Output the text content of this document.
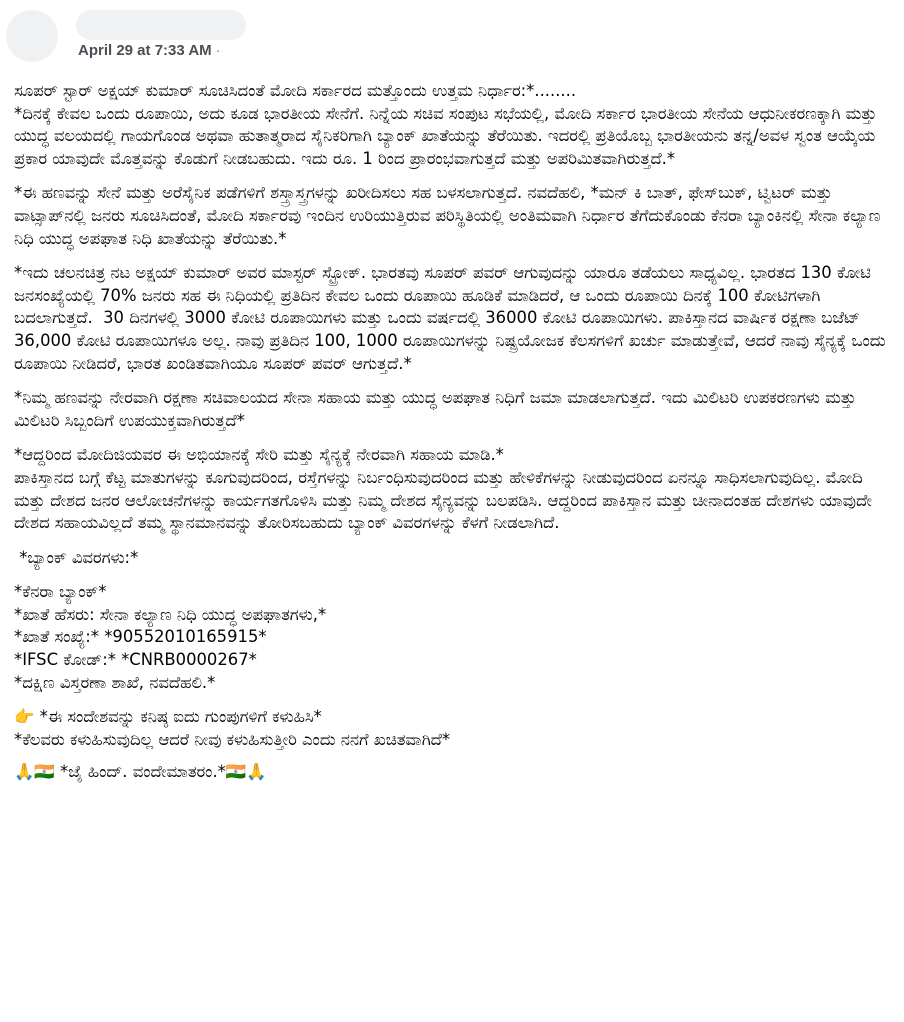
April 29 at 7:33 AM ·

ಸೂಪರ್ ಸ್ಟಾರ್ ಅಕ್ಷಯ್ ಕುಮಾರ್ ಸೂಚಿಸಿದಂತೆ ಮೋದಿ ಸರ್ಕಾರದ ಮತ್ತೊಂದು ಉತ್ತಮ ನಿರ್ಧಾರ:*........
*ದಿನಕ್ಕೆ ಕೇವಲ ಒಂದು ರೂಪಾಯಿ, ಅದು ಕೂಡ ಭಾರತೀಯ ಸೇನೆಗೆ. ನಿನ್ನೆಯ ಸಚಿವ ಸಂಪುಟ ಸಭೆಯಲ್ಲಿ, ಮೋದಿ ಸರ್ಕಾರ ಭಾರತೀಯ ಸೇನೆಯ ಆಧುನೀಕರಣಕ್ಕಾಗಿ ಮತ್ತು ಯುದ್ಧ ವಲಯದಲ್ಲಿ ಗಾಯಗೊಂಡ ಅಥವಾ ಹುತಾತ್ಮರಾದ ಸೈನಿಕರಿಗಾಗಿ ಬ್ಯಾಂಕ್ ಖಾತೆಯನ್ನು ತೆರೆಯಿತು. ಇದರಲ್ಲಿ ಪ್ರತಿಯೊಬ್ಬ ಭಾರತೀಯನು ತನ್ನ/ಅವಳ ಸ್ವಂತ ಆಯ್ಕೆಯ ಪ್ರಕಾರ ಯಾವುದೇ ಮೊತ್ತವನ್ನು ಕೊಡುಗೆ ನೀಡಬಹುದು. ಇದು ರೂ. 1 ರಿಂದ ಪ್ರಾರಂಭವಾಗುತ್ತದೆ ಮತ್ತು ಅಪರಿಮಿತವಾಗಿರುತ್ತದೆ.*

*ಈ ಹಣವನ್ನು ಸೇನೆ ಮತ್ತು ಅರೆಸೈನಿಕ ಪಡೆಗಳಿಗೆ ಶಸ್ತ್ರಾಸ್ತ್ರಗಳನ್ನು ಖರೀದಿಸಲು ಸಹ ಬಳಸಲಾಗುತ್ತದೆ. ನವದೆಹಲಿ, *ಮನ್ ಕಿ ಬಾತ್, ಫೇಸ್‌ಬುಕ್, ಟ್ವಿಟರ್ ಮತ್ತು ವಾಟ್ಸಾಪ್‌ನಲ್ಲಿ ಜನರು ಸೂಚಿಸಿದಂತೆ, ಮೋದಿ ಸರ್ಕಾರವು ಇಂದಿನ ಉರಿಯುತ್ತಿರುವ ಪರಿಸ್ಥಿತಿಯಲ್ಲಿ ಅಂತಿಮವಾಗಿ ನಿರ್ಧಾರ ತೆಗೆದುಕೊಂಡು ಕೆನರಾ ಬ್ಯಾಂಕಿನಲ್ಲಿ ಸೇನಾ ಕಲ್ಯಾಣ ನಿಧಿ ಯುದ್ಧ ಅಪಘಾತ ನಿಧಿ ಖಾತೆಯನ್ನು ತೆರೆಯಿತು.*

*ಇದು ಚಲನಚಿತ್ರ ನಟ ಅಕ್ಷಯ್ ಕುಮಾರ್ ಅವರ ಮಾಸ್ಟರ್ ಸ್ಟ್ರೋಕ್. ಭಾರತವು ಸೂಪರ್ ಪವರ್ ಆಗುವುದನ್ನು ಯಾರೂ ತಡೆಯಲು ಸಾಧ್ಯವಿಲ್ಲ. ಭಾರತದ 130 ಕೋಟಿ ಜನಸಂಖ್ಯೆಯಲ್ಲಿ 70% ಜನರು ಸಹ ಈ ನಿಧಿಯಲ್ಲಿ ಪ್ರತಿದಿನ ಕೇವಲ ಒಂದು ರೂಪಾಯಿ ಹೂಡಿಕೆ ಮಾಡಿದರೆ, ಆ ಒಂದು ರೂಪಾಯಿ ದಿನಕ್ಕೆ 100 ಕೋಟಿಗಳಾಗಿ ಬದಲಾಗುತ್ತದೆ.  30 ದಿನಗಳಲ್ಲಿ 3000 ಕೋಟಿ ರೂಪಾಯಿಗಳು ಮತ್ತು ಒಂದು ವರ್ಷದಲ್ಲಿ 36000 ಕೋಟಿ ರೂಪಾಯಿಗಳು. ಪಾಕಿಸ್ತಾನದ ವಾರ್ಷಿಕ ರಕ್ಷಣಾ ಬಜೆಟ್ 36,000 ಕೋಟಿ ರೂಪಾಯಿಗಳೂ ಅಲ್ಲ. ನಾವು ಪ್ರತಿದಿನ 100, 1000 ರೂಪಾಯಿಗಳನ್ನು ನಿಷ್ಪ್ರಯೋಜಕ ಕೆಲಸಗಳಿಗೆ ಖರ್ಚು ಮಾಡುತ್ತೇವೆ, ಆದರೆ ನಾವು ಸೈನ್ಯಕ್ಕೆ ಒಂದು ರೂಪಾಯಿ ನೀಡಿದರೆ, ಭಾರತ ಖಂಡಿತವಾಗಿಯೂ ಸೂಪರ್ ಪವರ್ ಆಗುತ್ತದೆ.*

*ನಿಮ್ಮ ಹಣವನ್ನು ನೇರವಾಗಿ ರಕ್ಷಣಾ ಸಚಿವಾಲಯದ ಸೇನಾ ಸಹಾಯ ಮತ್ತು ಯುದ್ಧ ಅಪಘಾತ ನಿಧಿಗೆ ಜಮಾ ಮಾಡಲಾಗುತ್ತದೆ. ಇದು ಮಿಲಿಟರಿ ಉಪಕರಣಗಳು ಮತ್ತು ಮಿಲಿಟರಿ ಸಿಬ್ಬಂದಿಗೆ ಉಪಯುಕ್ತವಾಗಿರುತ್ತದೆ*

*ಆದ್ದರಿಂದ ಮೋದಿಜಿಯವರ ಈ ಅಭಿಯಾನಕ್ಕೆ ಸೇರಿ ಮತ್ತು ಸೈನ್ಯಕ್ಕೆ ನೇರವಾಗಿ ಸಹಾಯ ಮಾಡಿ.*
ಪಾಕಿಸ್ತಾನದ ಬಗ್ಗೆ ಕೆಟ್ಟ ಮಾತುಗಳನ್ನು ಕೂಗುವುದರಿಂದ, ರಸ್ತೆಗಳನ್ನು ನಿರ್ಬಂಧಿಸುವುದರಿಂದ ಮತ್ತು ಹೇಳಿಕೆಗಳನ್ನು ನೀಡುವುದರಿಂದ ಏನನ್ನೂ ಸಾಧಿಸಲಾಗುವುದಿಲ್ಲ. ಮೋದಿ ಮತ್ತು ದೇಶದ ಜನರ ಆಲೋಚನೆಗಳನ್ನು ಕಾರ್ಯಗತಗೊಳಿಸಿ ಮತ್ತು ನಿಮ್ಮ ದೇಶದ ಸೈನ್ಯವನ್ನು ಬಲಪಡಿಸಿ. ಆದ್ದರಿಂದ ಪಾಕಿಸ್ತಾನ ಮತ್ತು ಚೀನಾದಂತಹ ದೇಶಗಳು ಯಾವುದೇ ದೇಶದ ಸಹಾಯವಿಲ್ಲದೆ ತಮ್ಮ ಸ್ಥಾನಮಾನವನ್ನು ತೋರಿಸಬಹುದು ಬ್ಯಾಂಕ್ ವಿವರಗಳನ್ನು ಕೆಳಗೆ ನೀಡಲಾಗಿದೆ.

*ಬ್ಯಾಂಕ್ ವಿವರಗಳು:*

*ಕೆನರಾ ಬ್ಯಾಂಕ್*
*ಖಾತೆ ಹೆಸರು: ಸೇನಾ ಕಲ್ಯಾಣ ನಿಧಿ ಯುದ್ಧ ಅಪಘಾತಗಳು,*
*ಖಾತೆ ಸಂಖ್ಯೆ:* *90552010165915*
*IFSC ಕೋಡ್:* *CNRB0000267*
*ದಕ್ಷಿಣ ವಿಸ್ತರಣಾ ಶಾಖೆ, ನವದೆಹಲಿ.*

👉 *ಈ ಸಂದೇಶವನ್ನು ಕನಿಷ್ಠ ಐದು ಗುಂಪುಗಳಿಗೆ ಕಳುಹಿಸಿ*
*ಕೆಲವರು ಕಳುಹಿಸುವುದಿಲ್ಲ ಆದರೆ ನೀವು ಕಳುಹಿಸುತ್ತೀರಿ ಎಂದು ನನಗೆ ಖಚಿತವಾಗಿದೆ*

🙏🇮🇳 *ಜೈ ಹಿಂದ್. ವಂದೇಮಾತರಂ.*🇮🇳🙏
